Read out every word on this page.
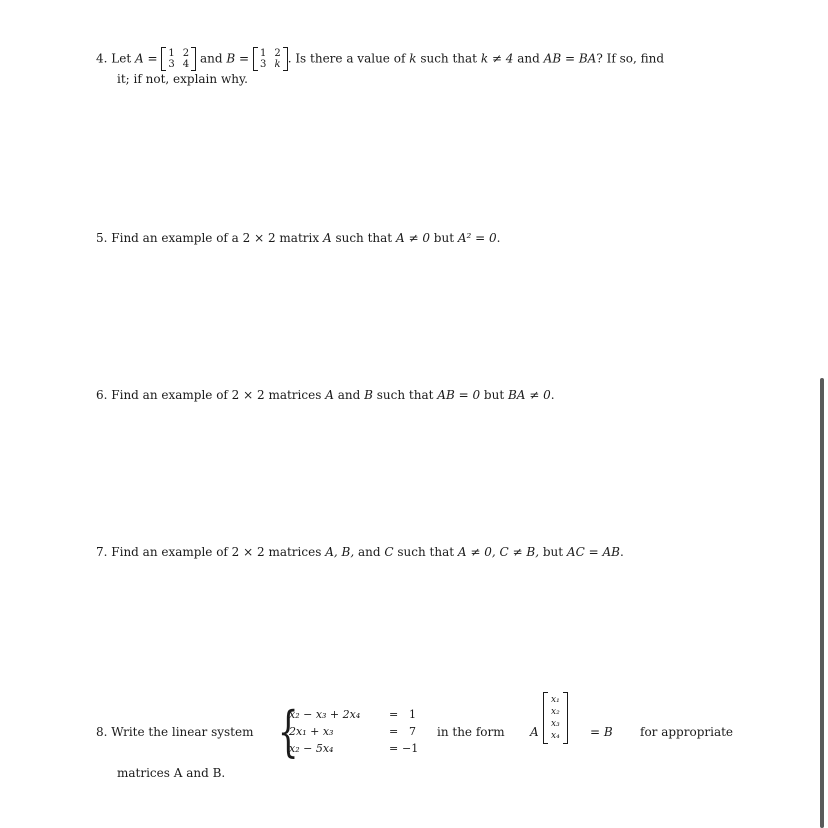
4. Let A = 1 2
3 4 and B = 1 2
3 k . Is there a value of k such that k ≠ 4 and AB = BA? If so, find
it; if not, explain why.
5. Find an example of a 2 × 2 matrix A such that A ≠ 0 but A² = 0.
6. Find an example of 2 × 2 matrices A and B such that AB = 0 but BA ≠ 0.
7. Find an example of 2 × 2 matrices A, B, and C such that A ≠ 0, C ≠ B, but AC = AB.
8. Write the linear system {
x₂ − x₃ + 2x₄
2x₁ + x₃
x₂ − 5x₄
=
=
=
1
7
−1
in the form A
x₁
x₂
x₃
x₄	= B for appropriate
matrices A and B.
